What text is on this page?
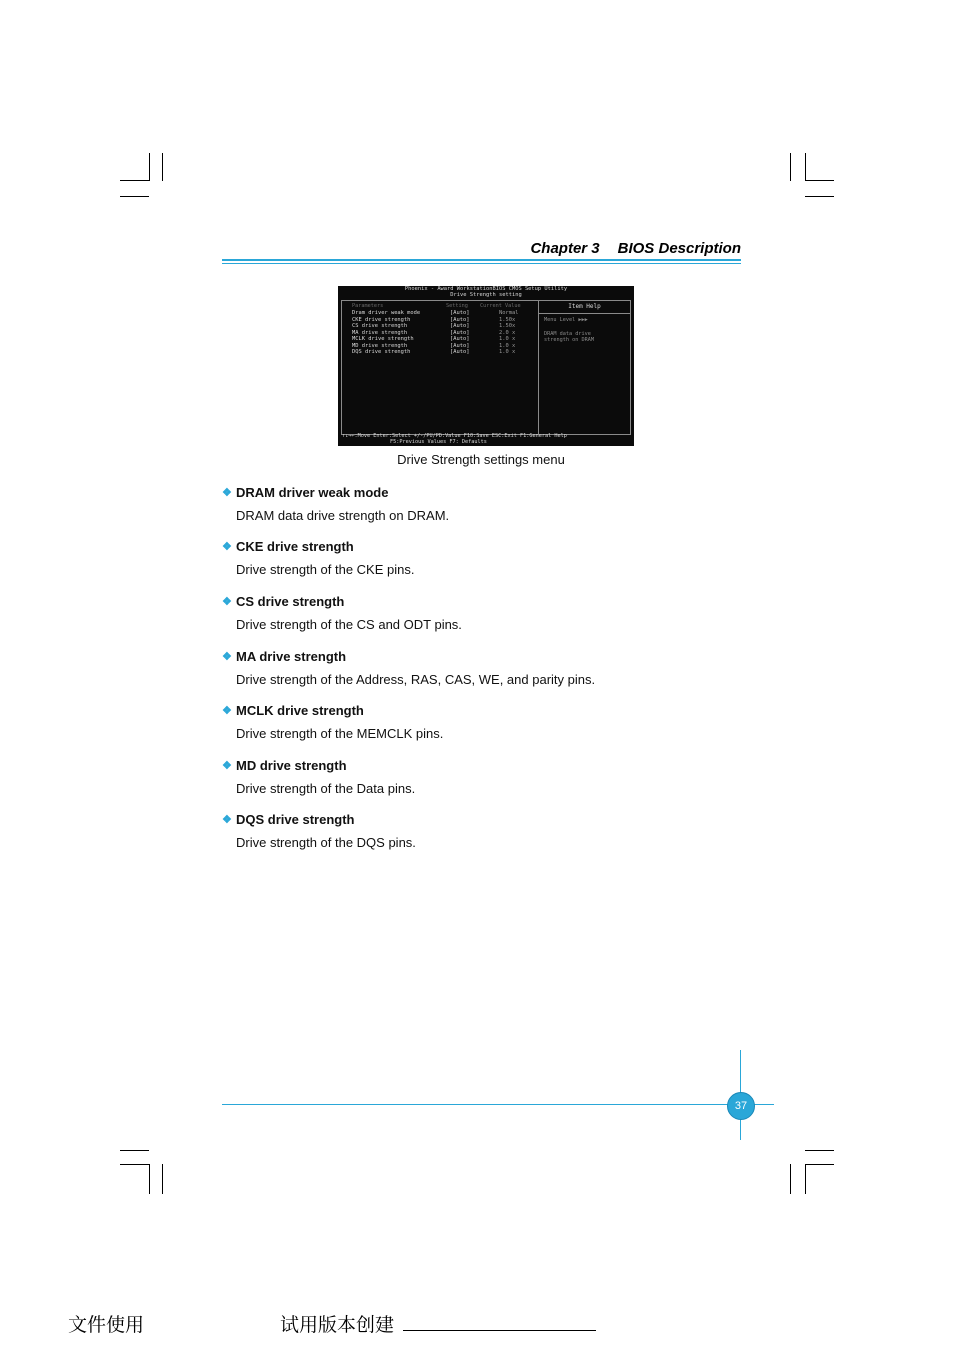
Chapter 3 BIOS Description
Phoenix - Award WorkstationBIOS CMOS Setup Utility
Drive Strength setting
Parameters	Setting Current Value	Item Help
Dram driver weak mode	[Auto]	Normal
CKE drive strength	[Auto]	1.50x
CS drive strength	[Auto]	1.50x
MA drive strength	[Auto]	2.0 x
MCLK drive strength	[Auto]	1.0 x
MD drive strength	[Auto]	1.0 x
DQS drive strength	[Auto]	1.0 x
Menu Level ▶▶▶
DRAM data drive
strength on DRAM
↑↓→←:Move Enter:Select +/-/PU/PD:Value F10:Save ESC:Exit F1:General Help
F5:Previous Values F7: Defaults
Drive Strength settings menu
❖ DRAM driver weak mode
DRAM data drive strength on DRAM.
❖ CKE drive strength
Drive strength of the CKE pins.
❖ CS drive strength
Drive strength of the CS and ODT pins.
❖ MA drive strength
Drive strength of the Address, RAS, CAS, WE, and parity pins.
❖ MCLK drive strength
Drive strength of the MEMCLK pins.
❖ MD drive strength
Drive strength of the Data pins.
❖ DQS drive strength
Drive strength of the DQS pins.
37
文件使用	试用版本创建
